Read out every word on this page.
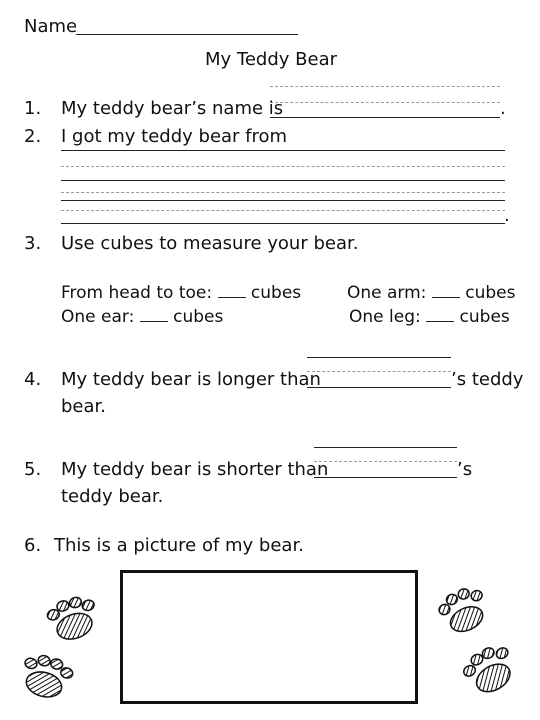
Name
My Teddy Bear
1. My teddy bear’s name is	.
2. I got my teddy bear from
.
3. Use cubes to measure your bear.
From head to toe: cubes	One arm: cubes
One ear: cubes	One leg: cubes
4. My teddy bear is longer than	’s teddy
bear.
5. My teddy bear is shorter than	’s
teddy bear.
6. This is a picture of my bear.
